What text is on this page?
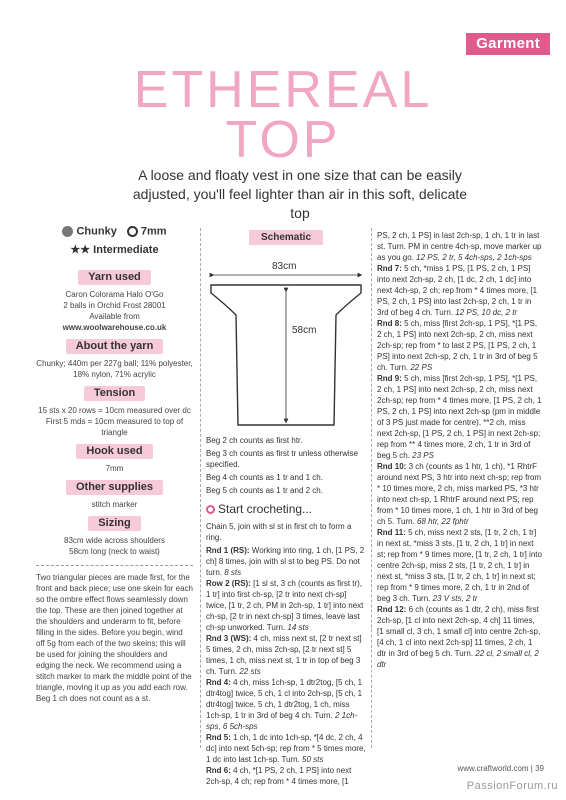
Garment
ETHEREAL
TOP
A loose and floaty vest in one size that can be easily adjusted, you'll feel lighter than air in this soft, delicate top
Chunky	7mm
★★ Intermediate
Yarn used
Caron Colorama Halo O'Go
2 balls in Orchid Frost 28001
Available from
www.woolwarehouse.co.uk
About the yarn
Chunky; 440m per 227g ball; 11% polyester, 18% nylon, 71% acrylic
Tension
15 sts x 20 rows = 10cm measured over dc First 5 mds = 10cm measured to top of triangle
Hook used
7mm
Other supplies
stitch marker
Sizing
83cm wide across shoulders
58cm long (neck to waist)
Two triangular pieces are made first, for the front and back piece; use one skein for each so the ombre effect flows seamlessly down the top. These are then joined together at the shoulders and underarm to fit, before filling in the sides. Before you begin, wind off 5g from each of the two skeins; this will be used for joining the shoulders and edging the neck. We recommend using a stitch marker to mark the middle point of the triangle, moving it up as you add each row. Beg 1 ch does not count as a st.
Schematic
83cm
58cm
Beg 2 ch counts as first htr.
Beg 3 ch counts as first tr unless otherwise specified.
Beg 4 ch counts as 1 tr and 1 ch.
Beg 5 ch counts as 1 tr and 2 ch.
Start crocheting...
Chain 5, join with sl st in first ch to form a ring.
Rnd 1 (RS): Working into ring, 1 ch, [1 PS, 2 ch] 8 times, join with sl st to beg PS. Do not turn. 8 sts
Row 2 (RS): [1 sl st, 3 ch (counts as first tr), 1 tr] into first ch-sp, [2 tr into next ch-sp] twice, [1 tr, 2 ch, PM in 2ch-sp, 1 tr] into next ch-sp, [2 tr in next ch-sp] 3 times, leave last ch-sp unworked. Turn. 14 sts
Rnd 3 (WS): 4 ch, miss next st, [2 tr next st] 5 times, 2 ch, miss 2ch-sp, [2 tr next st] 5 times, 1 ch, miss next st, 1 tr in top of beg 3 ch. Turn. 22 sts
Rnd 4: 4 ch, miss 1ch-sp, 1 dtr2tog, [5 ch, 1 dtr4tog] twice, 5 ch, 1 cl into 2ch-sp, [5 ch, 1 dtr4tog] twice, 5 ch, 1 dtr2tog, 1 ch, miss 1ch-sp, 1 tr in 3rd of beg 4 ch. Turn. 2 1ch-sps, 6 5ch-sps
Rnd 5: 1 ch, 1 dc into 1ch-sp, *[4 dc, 2 ch, 4 dc] into next 5ch-sp; rep from * 5 times more, 1 dc into last 1ch-sp. Turn. 50 sts
Rnd 6: 4 ch, *[1 PS, 2 ch, 1 PS] into next 2ch-sp, 4 ch; rep from * 4 times more, [1
PS, 2 ch, 1 PS] in last 2ch-sp, 1 ch, 1 tr in last st. Turn. PM in centre 4ch-sp, move marker up as you go. 12 PS, 2 tr, 5 4ch-sps, 2 1ch-sps
Rnd 7: 5 ch, *miss 1 PS, [1 PS, 2 ch, 1 PS] into next 2ch-sp, 2 ch, [1 dc, 2 ch, 1 dc] into next 4ch-sp, 2 ch; rep from * 4 times more, [1 PS, 2 ch, 1 PS] into last 2ch-sp, 2 ch, 1 tr in 3rd of beg 4 ch. Turn. 12 PS, 10 dc, 2 tr
Rnd 8: 5 ch, miss [first 2ch-sp, 1 PS], *[1 PS, 2 ch, 1 PS] into next 2ch-sp, 2 ch, miss next 2ch-sp; rep from * to last 2 PS, [1 PS, 2 ch, 1 PS] into next 2ch-sp, 2 ch, 1 tr in 3rd of beg 5 ch. Turn. 22 PS
Rnd 9: 5 ch, miss [first 2ch-sp, 1 PS], *[1 PS, 2 ch, 1 PS] into next 2ch-sp, 2 ch, miss next 2ch-sp; rep from * 4 times more, [1 PS, 2 ch, 1 PS, 2 ch, 1 PS] into next 2ch-sp (pm in middle of 3 PS just made for centre), **2 ch, miss next 2ch-sp, [1 PS, 2 ch, 1 PS] in next 2ch-sp; rep from ** 4 times more, 2 ch, 1 tr in 3rd of beg 5 ch. 23 PS
Rnd 10: 3 ch (counts as 1 htr, 1 ch), *1 RhtrF around next PS, 3 htr into next ch-sp; rep from * 10 times more, 2 ch, miss marked PS, *3 htr into next ch-sp, 1 RhtrF around next PS; rep from * 10 times more, 1 ch, 1 htr in 3rd of beg ch 5. Turn. 68 htr, 22 fphtr
Rnd 11: 5 ch, miss next 2 sts, [1 tr, 2 ch, 1 tr] in next st, *miss 3 sts, [1 tr, 2 ch, 1 tr] in next st; rep from * 9 times more, [1 tr, 2 ch, 1 tr] into centre 2ch-sp, miss 2 sts, [1 tr, 2 ch, 1 tr] in next st, *miss 3 sts, [1 tr, 2 ch, 1 tr] in next st; rep from * 9 times more, 2 ch, 1 tr in 2nd of beg 3 ch. Turn. 23 V sts, 2 tr
Rnd 12: 6 ch (counts as 1 dtr, 2 ch), miss first 2ch-sp, [1 cl into next 2ch-sp, 4 ch] 11 times, [1 small cl, 3 ch, 1 small cl] into centre 2ch-sp, [4 ch, 1 cl into next 2ch-sp] 11 times, 2 ch, 1 dtr in 3rd of beg 5 ch. Turn. 22 cl, 2 small cl, 2 dtr
www.craftworld.com | 39
PassionForum.ru
